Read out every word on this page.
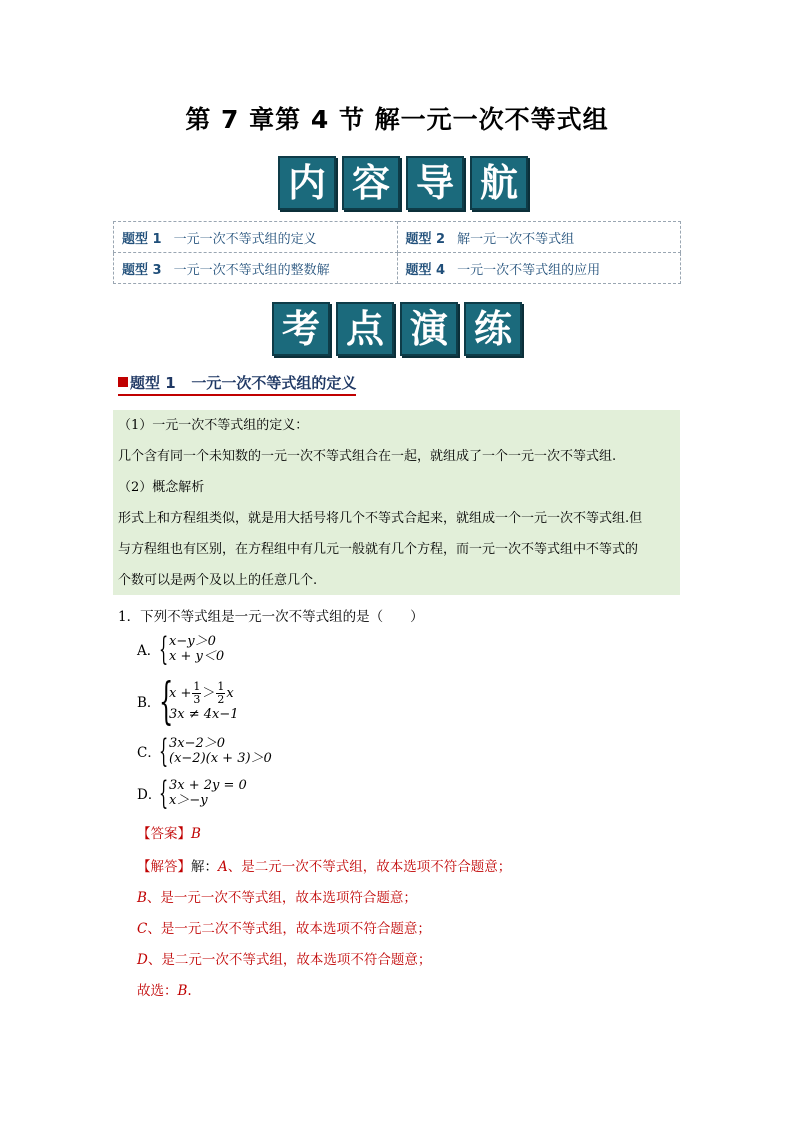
第 7 章第 4 节 解一元一次不等式组
内 容 导 航
题型 1 一元一次不等式组的定义	题型 2 解一元一次不等式组
题型 3 一元一次不等式组的整数解	题型 4 一元一次不等式组的应用
考 点 演 练
题型 1 一元一次不等式组的定义

（1）一元一次不等式组的定义：

几个含有同一个未知数的一元一次不等式组合在一起，就组成了一个一元一次不等式组.

（2）概念解析

形式上和方程组类似，就是用大括号将几个不等式合起来，就组成一个一元一次不等式组.但

与方程组也有区别，在方程组中有几元一般就有几个方程，而一元一次不等式组中不等式的

个数可以是两个及以上的任意几个.

1．下列不等式组是一元一次不等式组的是（　　）
A．
{ x−y＞0
x + y＜0
B．
{
$x + \frac{1}{3} > \frac{1}{2}$ x
3x ≠ 4x−1
C．
{ 3x−2＞0
(x−2)(x + 3)＞0
D．
{ 3x + 2y = 0
x＞−y
【答案】B
【解答】解：A、是二元一次不等式组，故本选项不符合题意；
B、是一元一次不等式组，故本选项符合题意；
C、是一元二次不等式组，故本选项不符合题意；
D、是二元一次不等式组，故本选项不符合题意；
故选：B.
